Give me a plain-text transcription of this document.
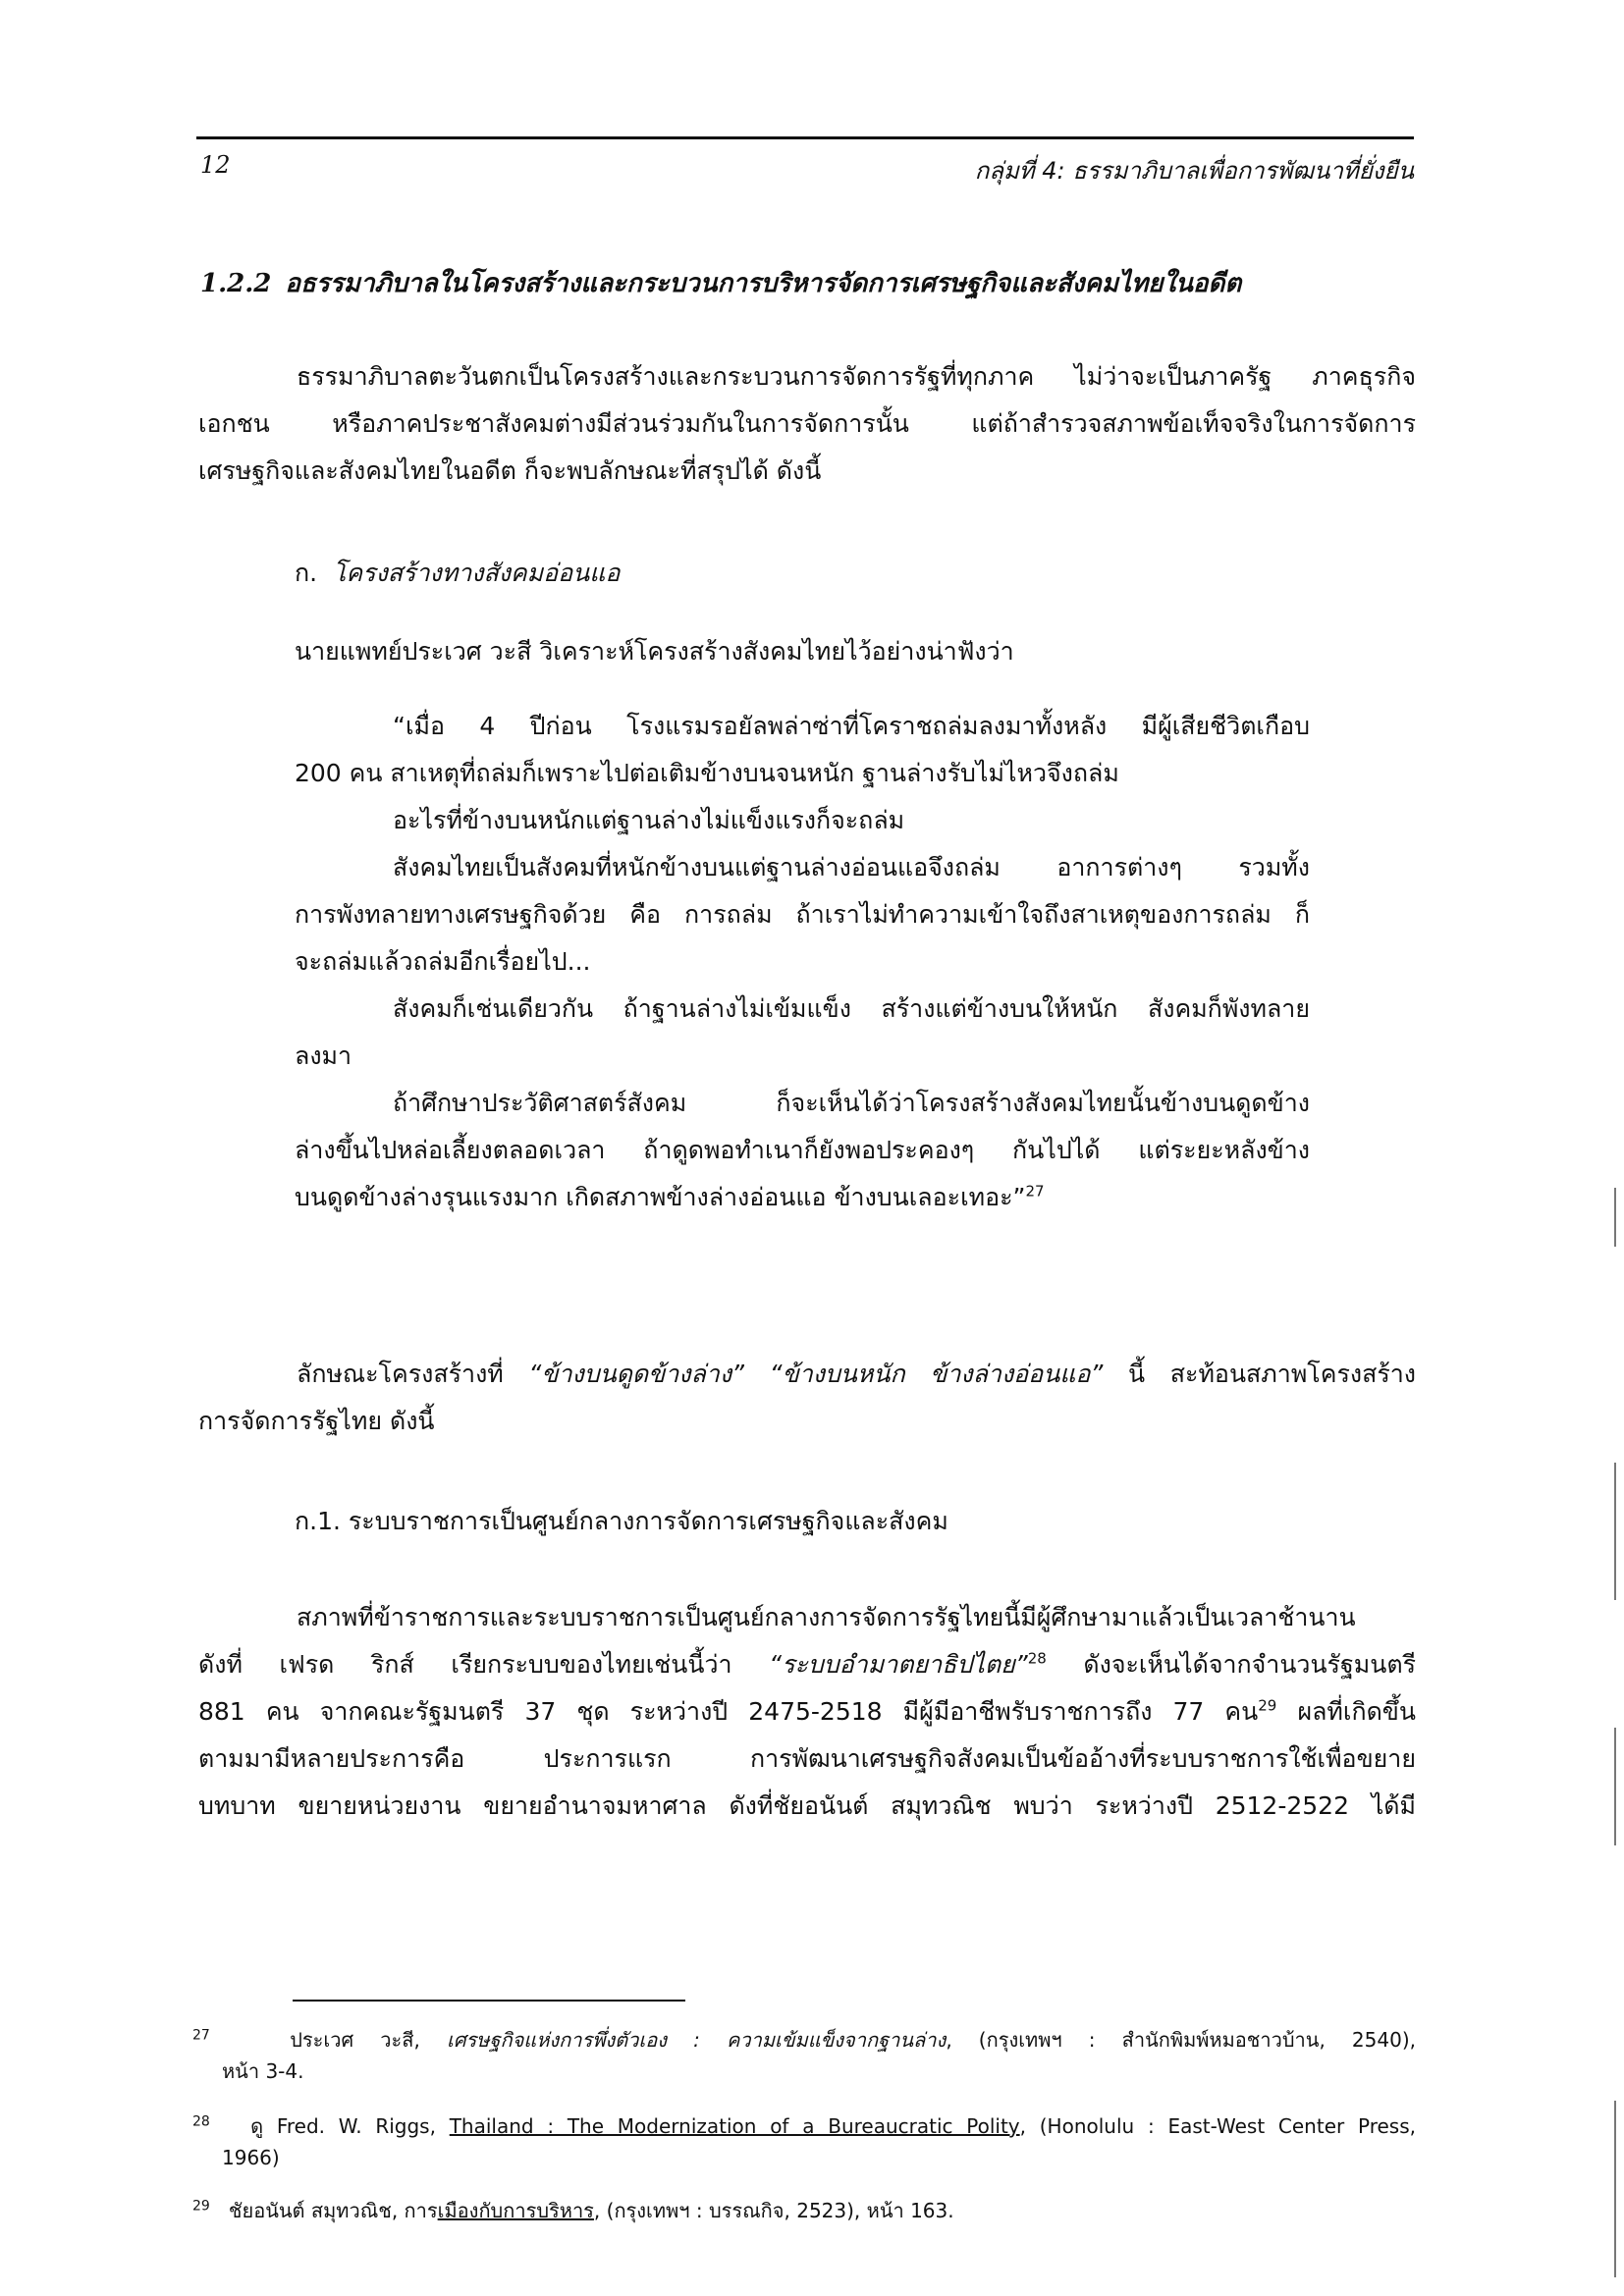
12	กลุ่มที่ 4: ธรรมาภิบาลเพื่อการพัฒนาที่ยั่งยืน
1.2.2 อธรรมาภิบาลในโครงสร้างและกระบวนการบริหารจัดการเศรษฐกิจและสังคมไทยในอดีต
ธรรมาภิบาลตะวันตกเป็นโครงสร้างและกระบวนการจัดการรัฐที่ทุกภาค ไม่ว่าจะเป็นภาครัฐ ภาคธุรกิจ
เอกชน หรือภาคประชาสังคมต่างมีส่วนร่วมกันในการจัดการนั้น แต่ถ้าสำรวจสภาพข้อเท็จจริงในการจัดการ
เศรษฐกิจและสังคมไทยในอดีต ก็จะพบลักษณะที่สรุปได้ ดังนี้
ก. โครงสร้างทางสังคมอ่อนแอ
นายแพทย์ประเวศ วะสี วิเคราะห์โครงสร้างสังคมไทยไว้อย่างน่าฟังว่า
“เมื่อ 4 ปีก่อน โรงแรมรอยัลพล่าซ่าที่โคราชถล่มลงมาทั้งหลัง มีผู้เสียชีวิตเกือบ
200 คน สาเหตุที่ถล่มก็เพราะไปต่อเติมข้างบนจนหนัก ฐานล่างรับไม่ไหวจึงถล่ม
อะไรที่ข้างบนหนักแต่ฐานล่างไม่แข็งแรงก็จะถล่ม
สังคมไทยเป็นสังคมที่หนักข้างบนแต่ฐานล่างอ่อนแอจึงถล่ม อาการต่างๆ รวมทั้ง
การพังทลายทางเศรษฐกิจด้วย คือ การถล่ม ถ้าเราไม่ทำความเข้าใจถึงสาเหตุของการถล่ม ก็
จะถล่มแล้วถล่มอีกเรื่อยไป...
สังคมก็เช่นเดียวกัน ถ้าฐานล่างไม่เข้มแข็ง สร้างแต่ข้างบนให้หนัก สังคมก็พังทลาย
ลงมา
ถ้าศึกษาประวัติศาสตร์สังคม ก็จะเห็นได้ว่าโครงสร้างสังคมไทยนั้นข้างบนดูดข้าง
ล่างขึ้นไปหล่อเลี้ยงตลอดเวลา ถ้าดูดพอทำเนาก็ยังพอประคองๆ กันไปได้ แต่ระยะหลังข้าง
บนดูดข้างล่างรุนแรงมาก เกิดสภาพข้างล่างอ่อนแอ ข้างบนเลอะเทอะ”$^{27}$
ลักษณะโครงสร้างที่ “ข้างบนดูดข้างล่าง” “ข้างบนหนัก ข้างล่างอ่อนแอ” นี้ สะท้อนสภาพโครงสร้าง
การจัดการรัฐไทย ดังนี้
ก.1. ระบบราชการเป็นศูนย์กลางการจัดการเศรษฐกิจและสังคม
สภาพที่ข้าราชการและระบบราชการเป็นศูนย์กลางการจัดการรัฐไทยนี้มีผู้ศึกษามาแล้วเป็นเวลาช้านาน
ดังที่ เฟรด ริกส์ เรียกระบบของไทยเช่นนี้ว่า “ระบบอำมาตยาธิปไตย”$^{28}$ ดังจะเห็นได้จากจำนวนรัฐมนตรี
881 คน จากคณะรัฐมนตรี 37 ชุด ระหว่างปี 2475-2518 มีผู้มีอาชีพรับราชการถึง 77 คน$^{29}$ ผลที่เกิดขึ้น
ตามมามีหลายประการคือ ประการแรก การพัฒนาเศรษฐกิจสังคมเป็นข้ออ้างที่ระบบราชการใช้เพื่อขยาย
บทบาท ขยายหน่วยงาน ขยายอำนาจมหาศาล ดังที่ชัยอนันต์ สมุทวณิช พบว่า ระหว่างปี 2512-2522 ได้มี
$^{27}$	ประเวศ วะสี, เศรษฐกิจแห่งการพึ่งตัวเอง : ความเข้มแข็งจากฐานล่าง, (กรุงเทพฯ : สำนักพิมพ์หมอชาวบ้าน, 2540),
หน้า 3-4.
$^{28}$ ดู Fred. W. Riggs, Thailand : The Modernization of a Bureaucratic Polity, (Honolulu : East-West Center Press,
1966)
$^{29}$ ชัยอนันต์ สมุทวณิช, การเมืองกับการบริหาร, (กรุงเทพฯ : บรรณกิจ, 2523), หน้า 163.
